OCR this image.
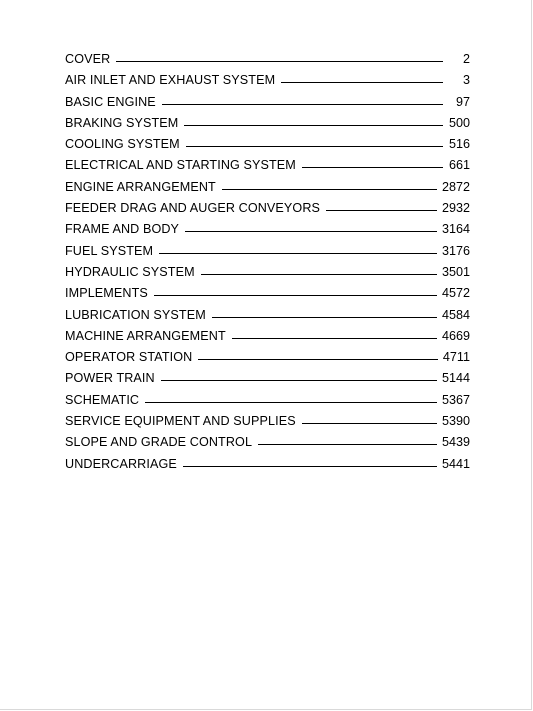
COVER	2
AIR INLET AND EXHAUST SYSTEM	3
BASIC ENGINE	97
BRAKING SYSTEM	500
COOLING SYSTEM	516
ELECTRICAL AND STARTING SYSTEM	661
ENGINE ARRANGEMENT	2872
FEEDER DRAG AND AUGER CONVEYORS	2932
FRAME AND BODY	3164
FUEL SYSTEM	3176
HYDRAULIC SYSTEM	3501
IMPLEMENTS	4572
LUBRICATION SYSTEM	4584
MACHINE ARRANGEMENT	4669
OPERATOR STATION	4711
POWER TRAIN	5144
SCHEMATIC	5367
SERVICE EQUIPMENT AND SUPPLIES	5390
SLOPE AND GRADE CONTROL	5439
UNDERCARRIAGE	5441
